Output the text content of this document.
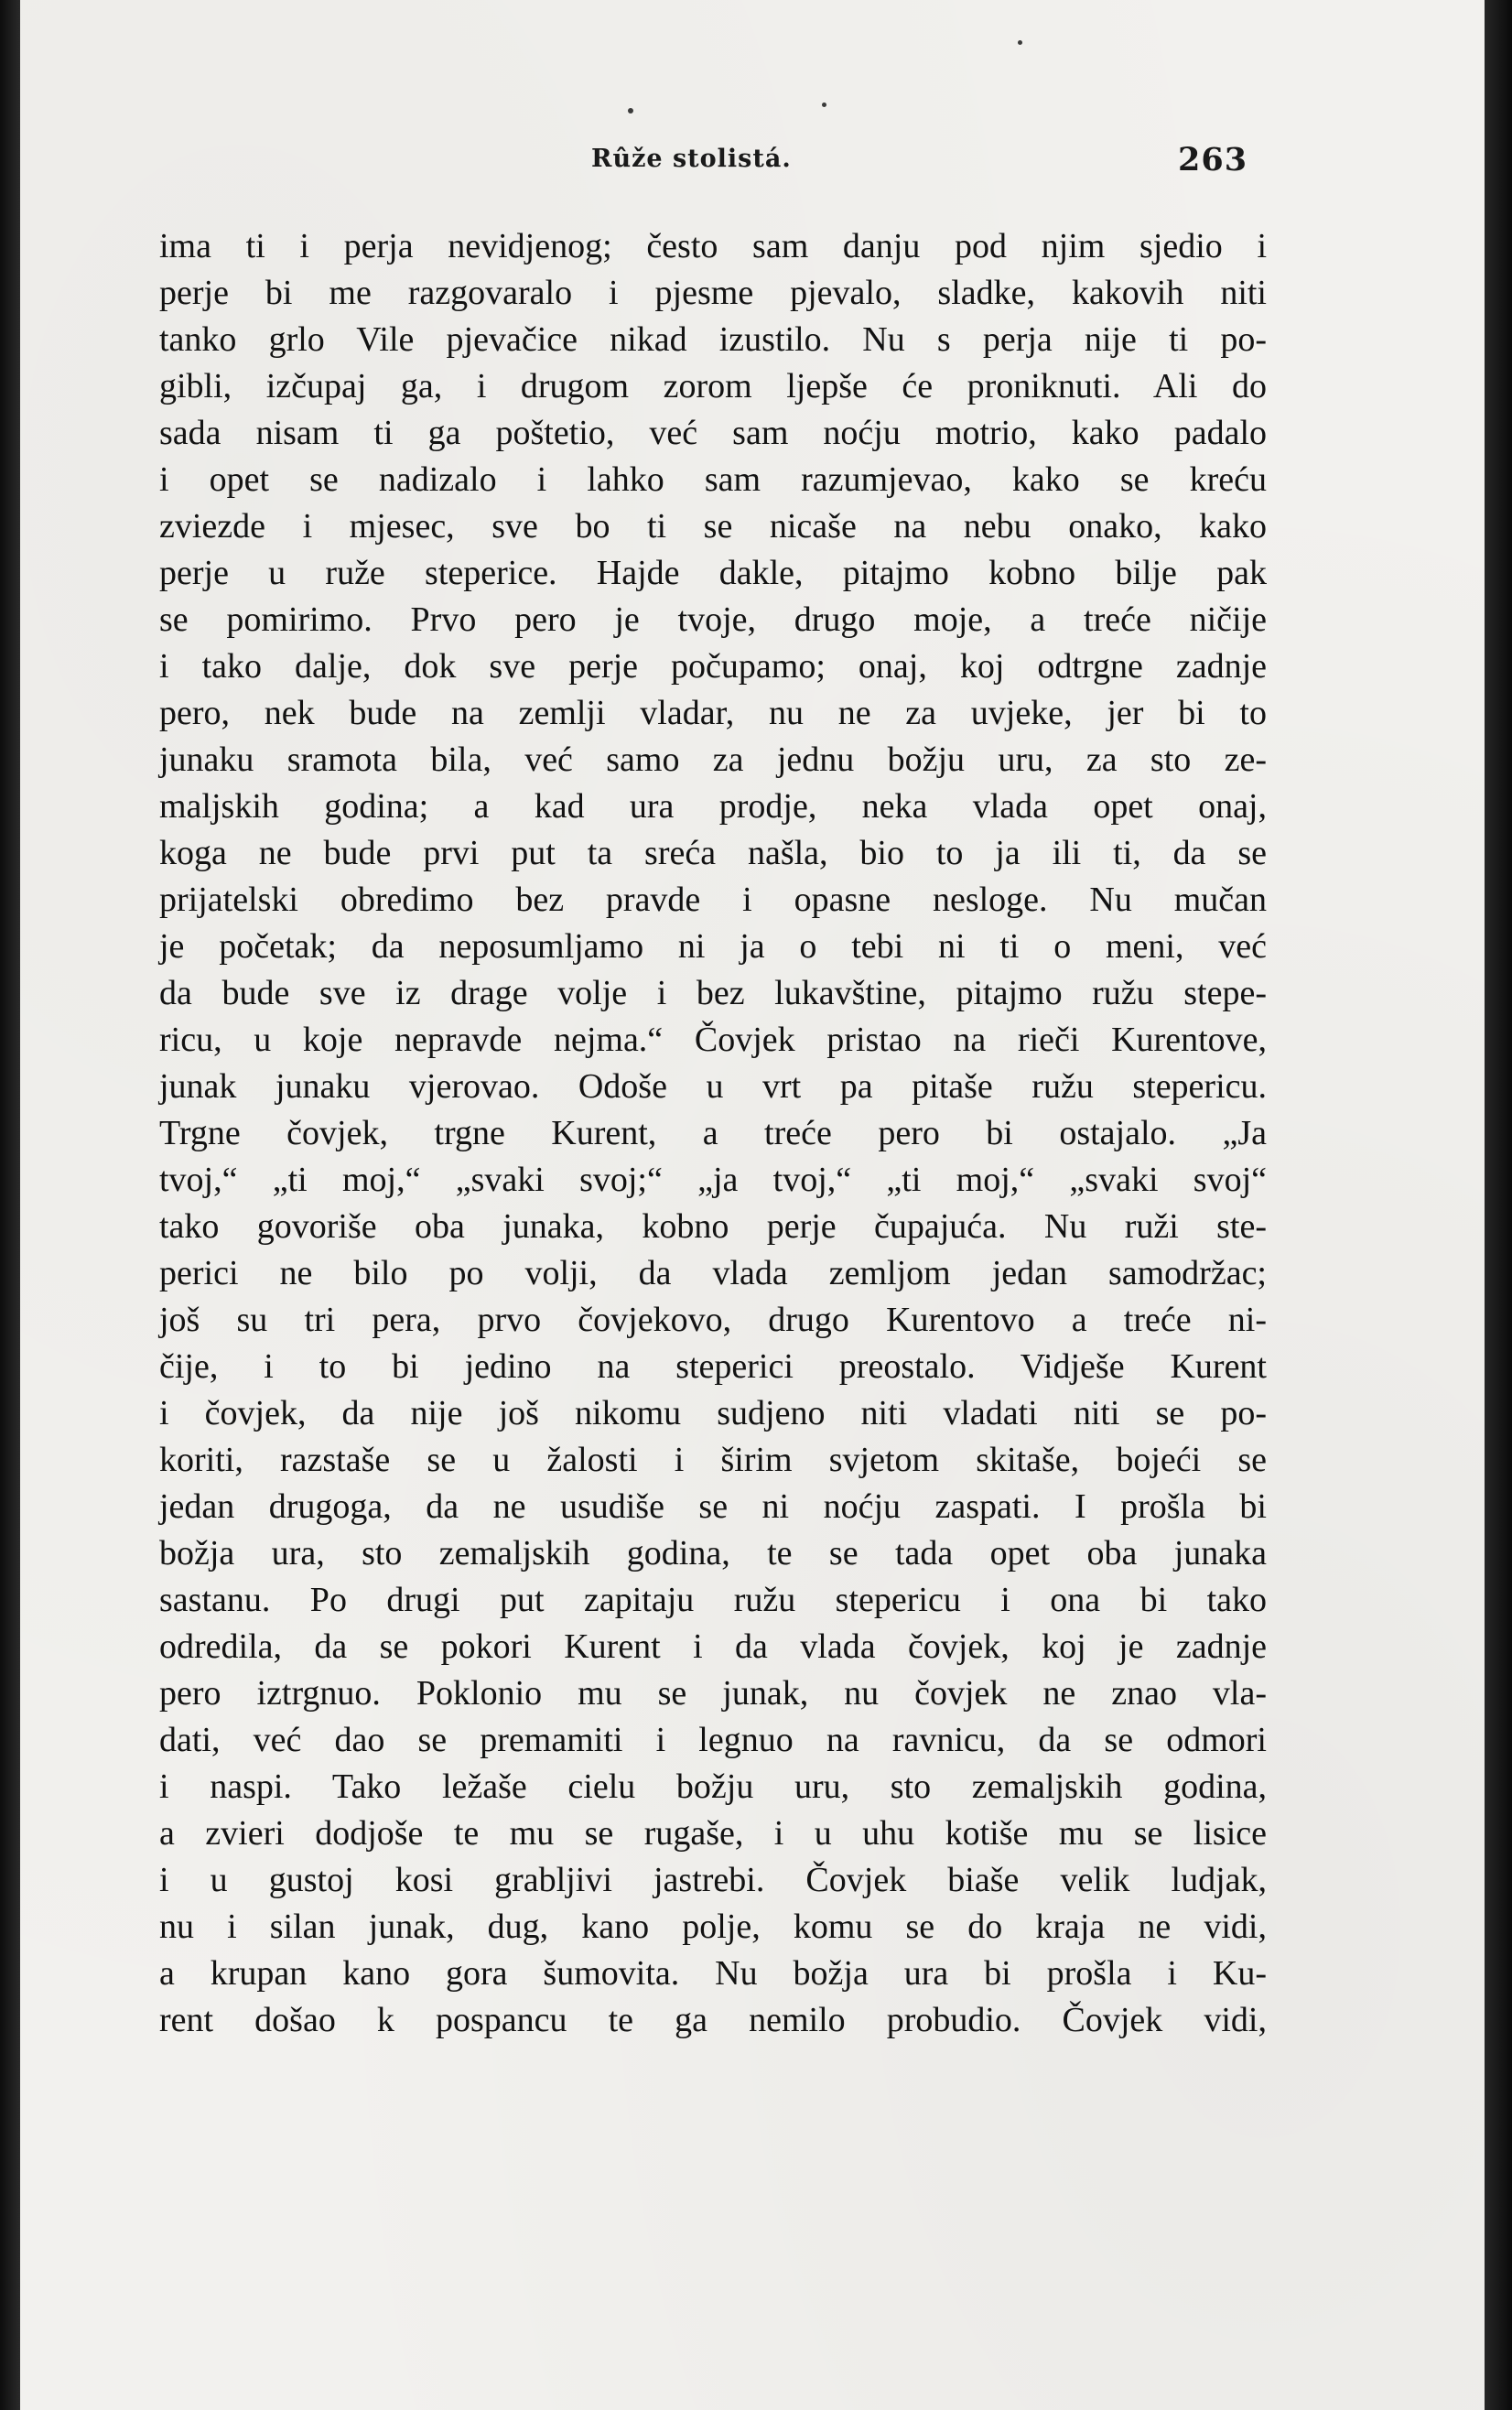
Rûže stolistá.	263
ima ti i perja nevidjenog; često sam danju pod njim sjedio i
perje bi me razgovaralo i pjesme pjevalo, sladke, kakovih niti
tanko grlo Vile pjevačice nikad izustilo. Nu s perja nije ti po-
gibli, izčupaj ga, i drugom zorom ljepše će proniknuti. Ali do
sada nisam ti ga poštetio, već sam noćju motrio, kako padalo
i opet se nadizalo i lahko sam razumjevao, kako se kreću
zviezde i mjesec, sve bo ti se nicaše na nebu onako, kako
perje u ruže steperice. Hajde dakle, pitajmo kobno bilje pak
se pomirimo. Prvo pero je tvoje, drugo moje, a treće ničije
i tako dalje, dok sve perje počupamo; onaj, koj odtrgne zadnje
pero, nek bude na zemlji vladar, nu ne za uvjeke, jer bi to
junaku sramota bila, već samo za jednu božju uru, za sto ze-
maljskih godina; a kad ura prodje, neka vlada opet onaj,
koga ne bude prvi put ta sreća našla, bio to ja ili ti, da se
prijatelski obredimo bez pravde i opasne nesloge. Nu mučan
je početak; da neposumljamo ni ja o tebi ni ti o meni, već
da bude sve iz drage volje i bez lukavštine, pitajmo ružu stepe-
ricu, u koje nepravde nejma.“ Čovjek pristao na rieči Kurentove,
junak junaku vjerovao. Odoše u vrt pa pitaše ružu stepericu.
Trgne čovjek, trgne Kurent, a treće pero bi ostajalo. „Ja
tvoj,“ „ti moj,“ „svaki svoj;“ „ja tvoj,“ „ti moj,“ „svaki svoj“
tako govoriše oba junaka, kobno perje čupajuća. Nu ruži ste-
perici ne bilo po volji, da vlada zemljom jedan samodržac;
još su tri pera, prvo čovjekovo, drugo Kurentovo a treće ni-
čije, i to bi jedino na steperici preostalo. Vidješe Kurent
i čovjek, da nije još nikomu sudjeno niti vladati niti se po-
koriti, razstaše se u žalosti i širim svjetom skitaše, bojeći se
jedan drugoga, da ne usudiše se ni noćju zaspati. I prošla bi
božja ura, sto zemaljskih godina, te se tada opet oba junaka
sastanu. Po drugi put zapitaju ružu stepericu i ona bi tako
odredila, da se pokori Kurent i da vlada čovjek, koj je zadnje
pero iztrgnuo. Poklonio mu se junak, nu čovjek ne znao vla-
dati, već dao se premamiti i legnuo na ravnicu, da se odmori
i naspi. Tako ležaše cielu božju uru, sto zemaljskih godina,
a zvieri dodjoše te mu se rugaše, i u uhu kotiše mu se lisice
i u gustoj kosi grabljivi jastrebi. Čovjek biaše velik ludjak,
nu i silan junak, dug, kano polje, komu se do kraja ne vidi,
a krupan kano gora šumovita. Nu božja ura bi prošla i Ku-
rent došao k pospancu te ga nemilo probudio. Čovjek vidi,
